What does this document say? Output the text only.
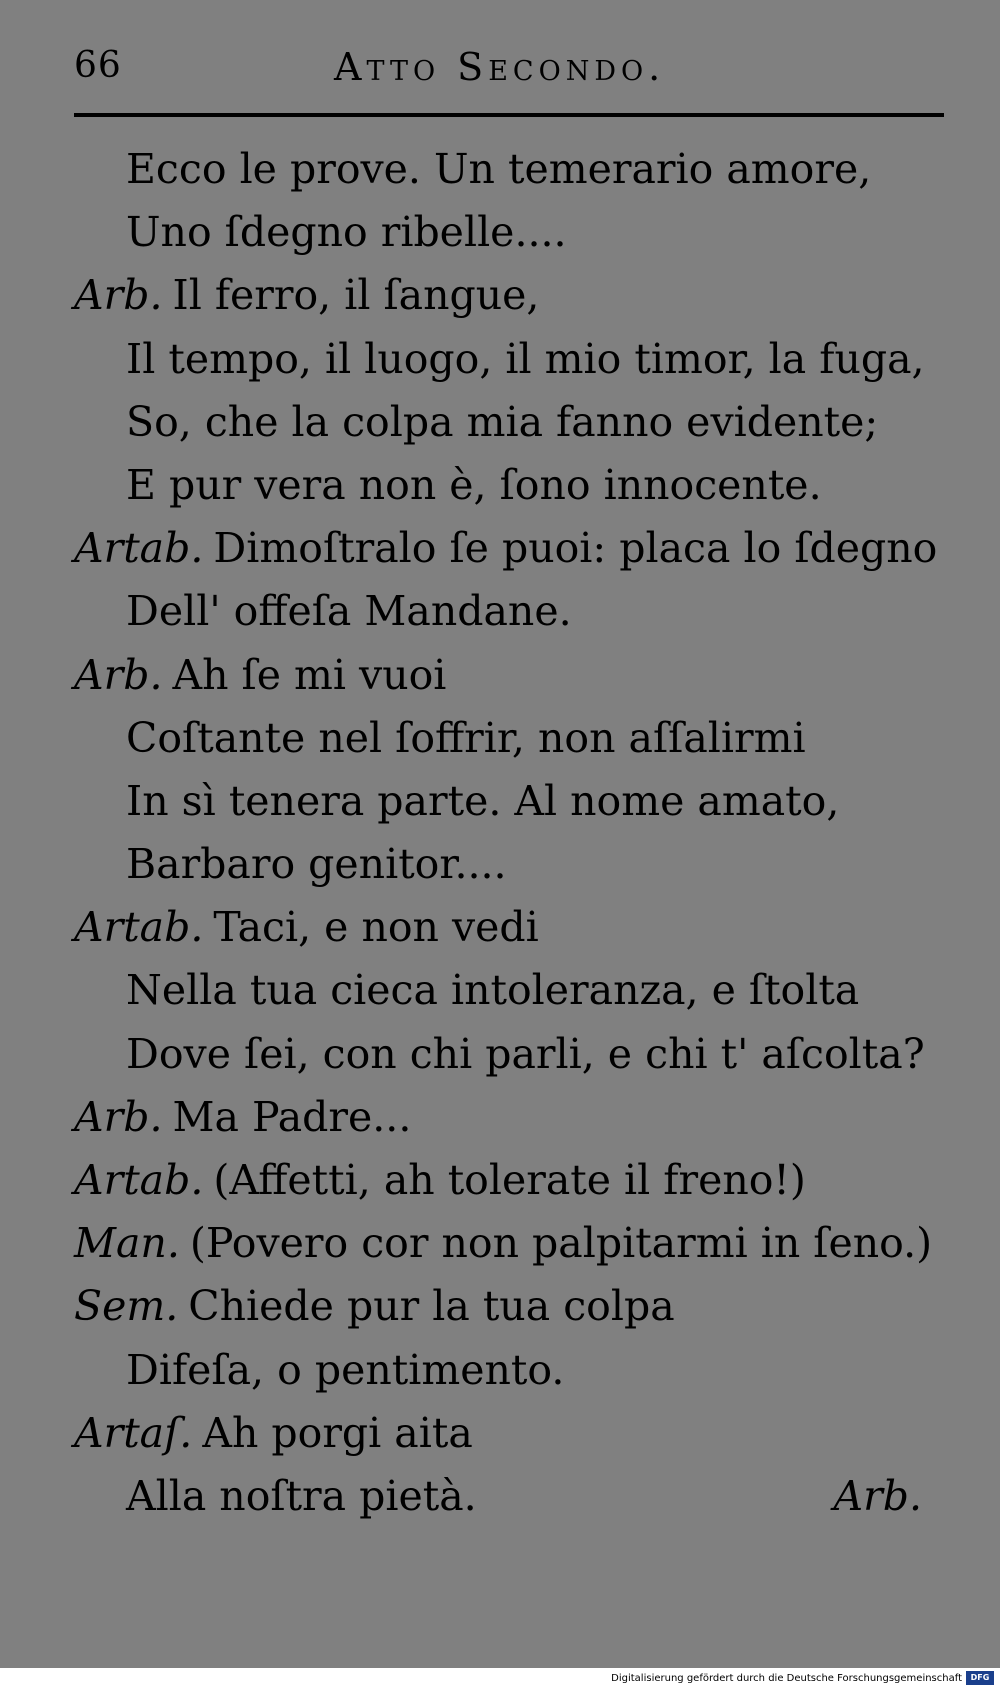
66	Atto Secondo.
Ecco le prove. Un temerario amore,
Uno ſdegno ribelle....
Arb. Il ferro, il ſangue,
Il tempo, il luogo, il mio timor, la fuga,
So, che la colpa mia fanno evidente;
E pur vera non è, ſono innocente.
Artab. Dimoſtralo ſe puoi: placa lo ſdegno
Dell' offeſa Mandane.
Arb. Ah ſe mi vuoi
Coſtante nel ſoffrir, non aſſalirmi
In sì tenera parte. Al nome amato,
Barbaro genitor....
Artab. Taci, e non vedi
Nella tua cieca intoleranza, e ſtolta
Dove ſei, con chi parli, e chi t' aſcolta?
Arb. Ma Padre...
Artab. (Affetti, ah tolerate il freno!)
Man. (Povero cor non palpitarmi in ſeno.)
Sem. Chiede pur la tua colpa
Difeſa, o pentimento.
Artaſ. Ah porgi aita
Alla noſtra pietà.	Arb.
Digitalisierung gefördert durch die Deutsche Forschungsgemeinschaft	DFG
